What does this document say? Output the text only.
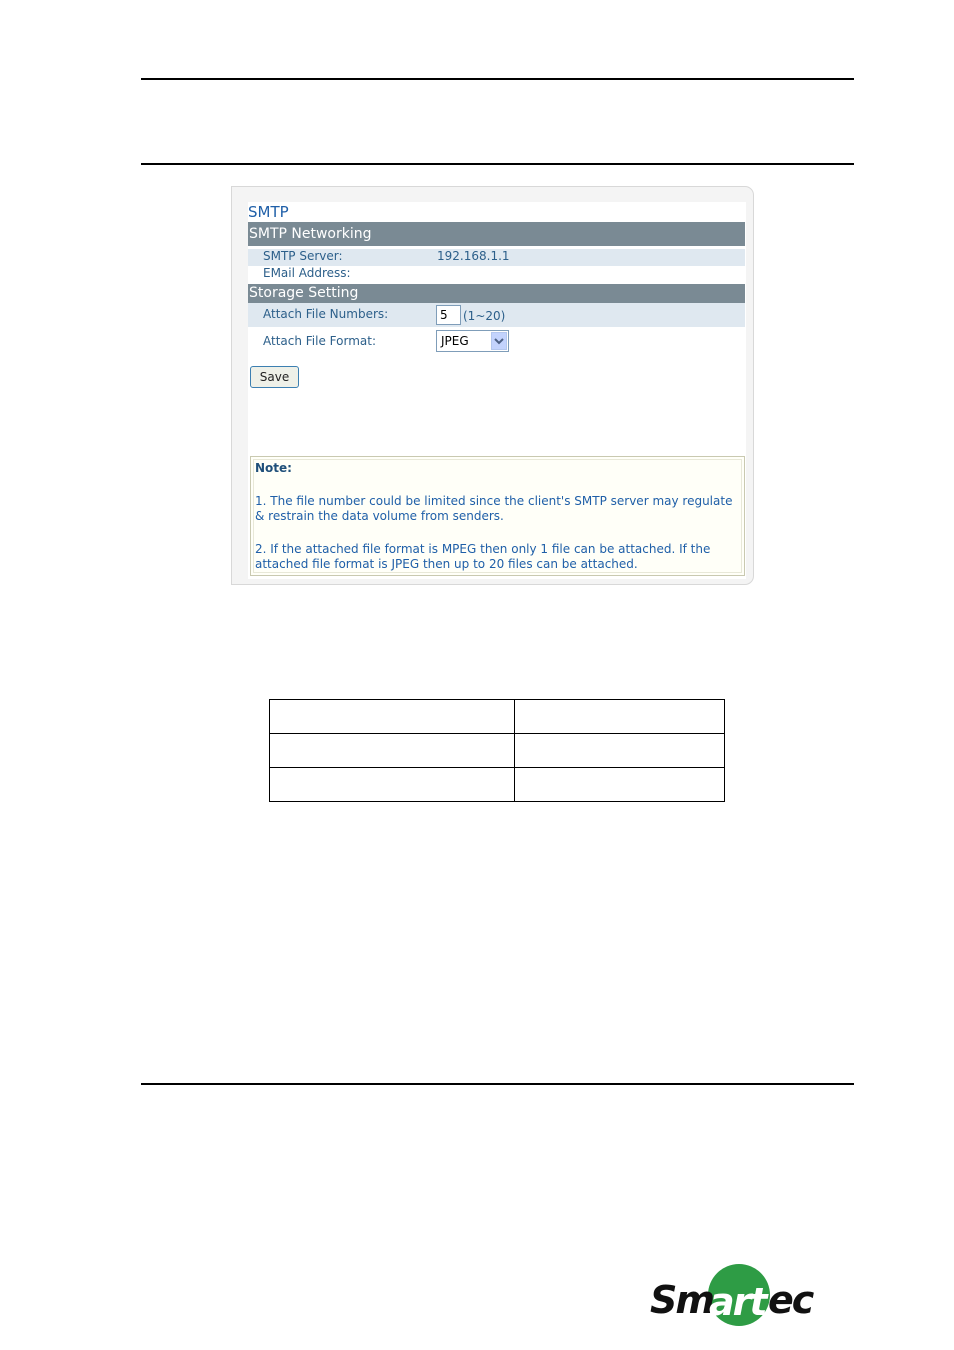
SMTP
SMTP Networking
SMTP Server:	192.168.1.1
EMail Address:
Storage Setting
Attach File Numbers:	5	(1~20)
Attach File Format:	JPEG
Save
Note:
1. The file number could be limited since the client's SMTP server may regulate & restrain the data volume from senders.
2. If the attached file format is MPEG then only 1 file can be attached. If the attached file format is JPEG then up to 20 files can be attached.

Sm
art ec
